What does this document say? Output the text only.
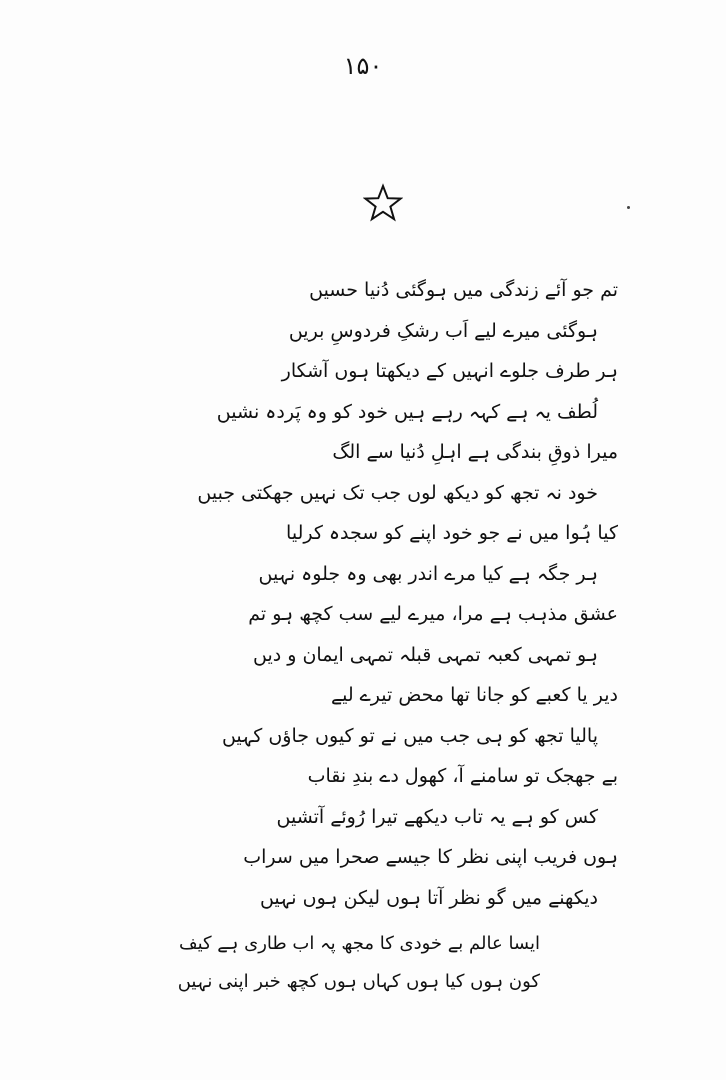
۱۵۰
تم جو آئے زندگی میں ہوگئی دُنیا حسیں
ہوگئی میرے لیے اَب رشکِ فردوسِ بریں
ہر طرف جلوے انہیں کے دیکھتا ہوں آشکار
لُطف یہ ہے کہہ رہے ہیں خود کو وہ پَردہ نشیں
میرا ذوقِ بندگی ہے اہلِ دُنیا سے الگ
خود نہ تجھ کو دیکھ لوں جب تک نہیں جھکتی جبیں
کیا ہُوا میں نے جو خود اپنے کو سجدہ کرلیا
ہر جگہ ہے کیا مرے اندر بھی وہ جلوہ نہیں
عشق مذہب ہے مرا، میرے لیے سب کچھ ہو تم
ہو تمہی کعبہ تمہی قبلہ تمہی ایمان و دیں
دیر یا کعبے کو جانا تھا محض تیرے لیے
پالیا تجھ کو ہی جب میں نے تو کیوں جاؤں کہیں
بے جھجک تو سامنے آ، کھول دے بندِ نقاب
کس کو ہے یہ تاب دیکھے تیرا رُوئے آتشیں
ہوں فریب اپنی نظر کا جیسے صحرا میں سراب
دیکھنے میں گو نظر آتا ہوں لیکن ہوں نہیں
ایسا عالم بے خودی کا مجھ پہ اب طاری ہے کیف
کون ہوں کیا ہوں کہاں ہوں کچھ خبر اپنی نہیں
